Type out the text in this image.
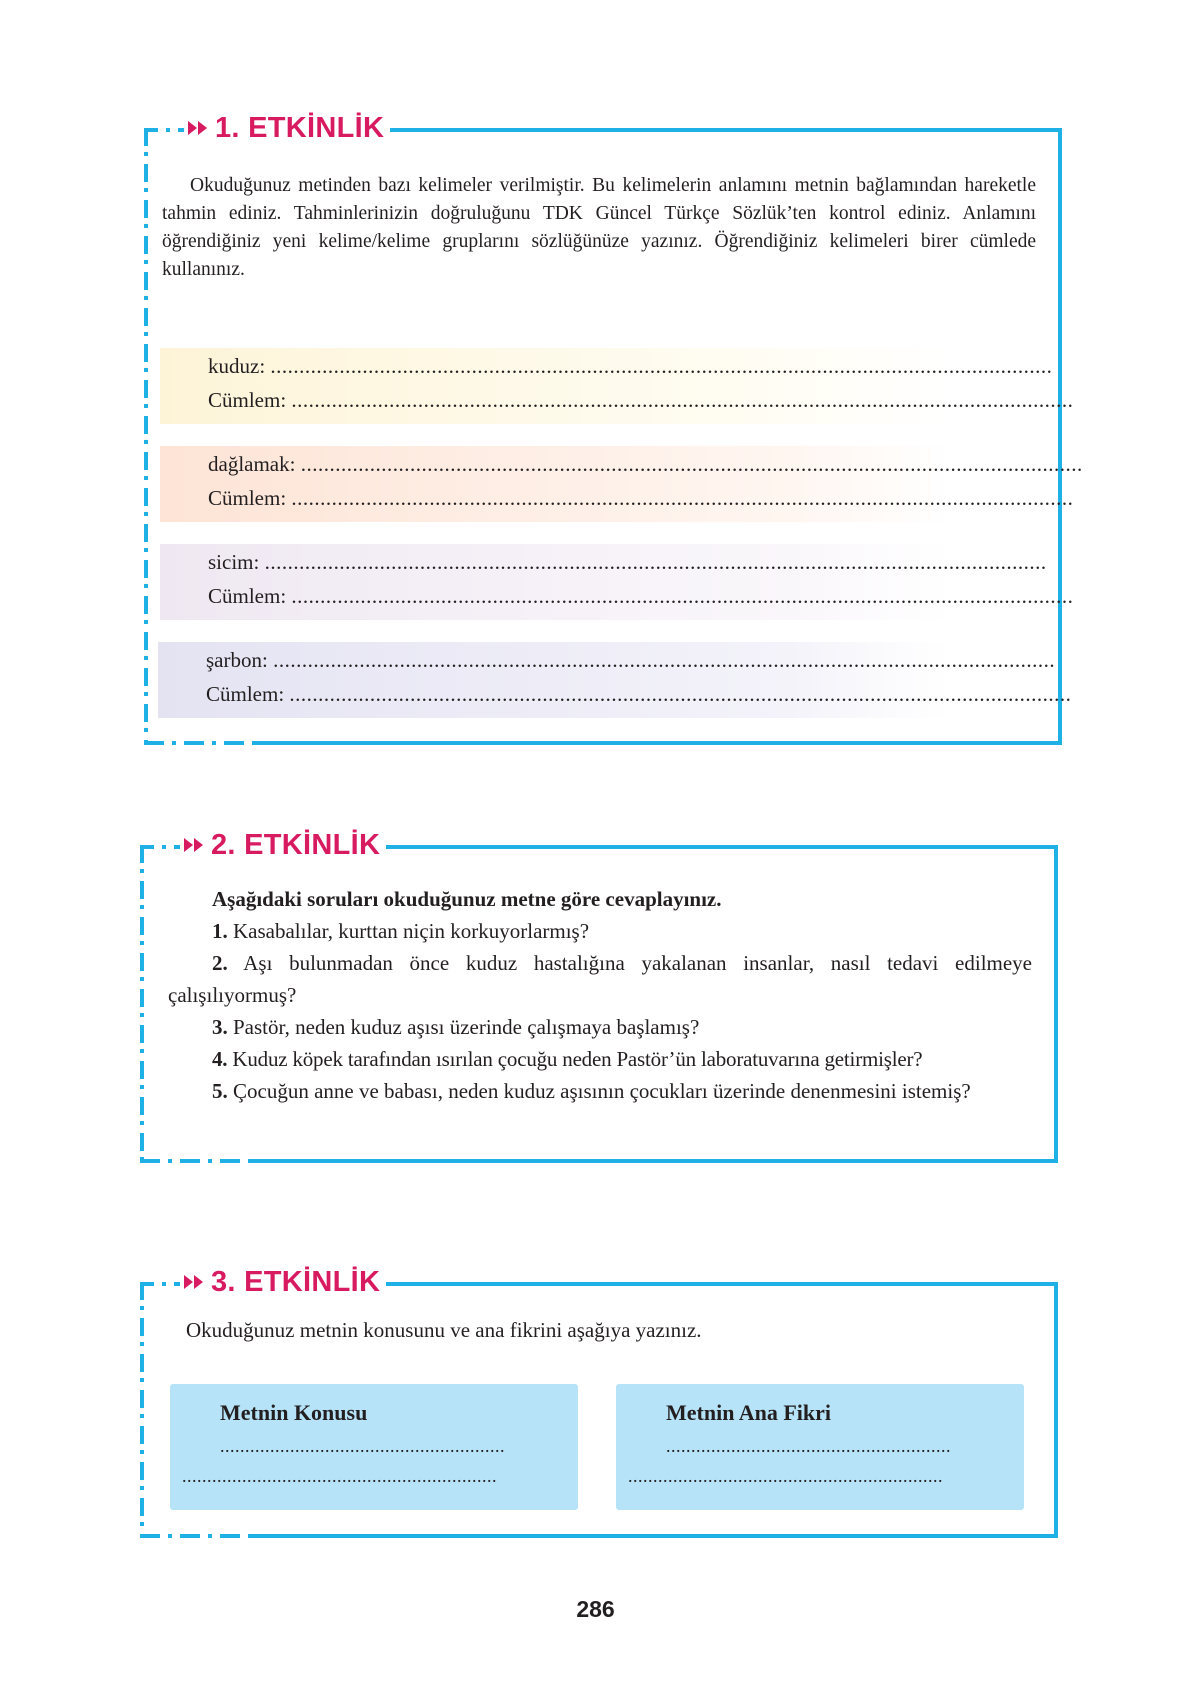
1. ETKİNLİK

Okuduğunuz metinden bazı kelimeler verilmiştir. Bu kelimelerin anlamını metnin bağlamından hareketle tahmin ediniz. Tahminlerinizin doğruluğunu TDK Güncel Türkçe Sözlük’ten kontrol ediniz. Anlamını öğrendiğiniz yeni kelime/kelime gruplarını sözlüğünüze yazınız. Öğrendiğiniz kelimeleri birer cümlede kullanınız.

kuduz: ........................................................................................................................................
Cümlem: ........................................................................................................................................
dağlamak: ........................................................................................................................................
Cümlem: ........................................................................................................................................
sicim: ........................................................................................................................................
Cümlem: ........................................................................................................................................
şarbon: ........................................................................................................................................
Cümlem: ........................................................................................................................................
2. ETKİNLİK

Aşağıdaki soruları okuduğunuz metne göre cevaplayınız.

1. Kasabalılar, kurttan niçin korkuyorlarmış?

2. Aşı bulunmadan önce kuduz hastalığına yakalanan insanlar, nasıl tedavi edilmeye çalışılıyormuş?

3. Pastör, neden kuduz aşısı üzerinde çalışmaya başlamış?

4. Kuduz köpek tarafından ısırılan çocuğu neden Pastör’ün laboratuvarına getirmişler?

5. Çocuğun anne ve babası, neden kuduz aşısının çocukları üzerinde denenmesini istemiş?

3. ETKİNLİK

Okuduğunuz metnin konusunu ve ana fikrini aşağıya yazınız.

Metnin Konusu
.........................................................
...............................................................
Metnin Ana Fikri
.........................................................
...............................................................
286
